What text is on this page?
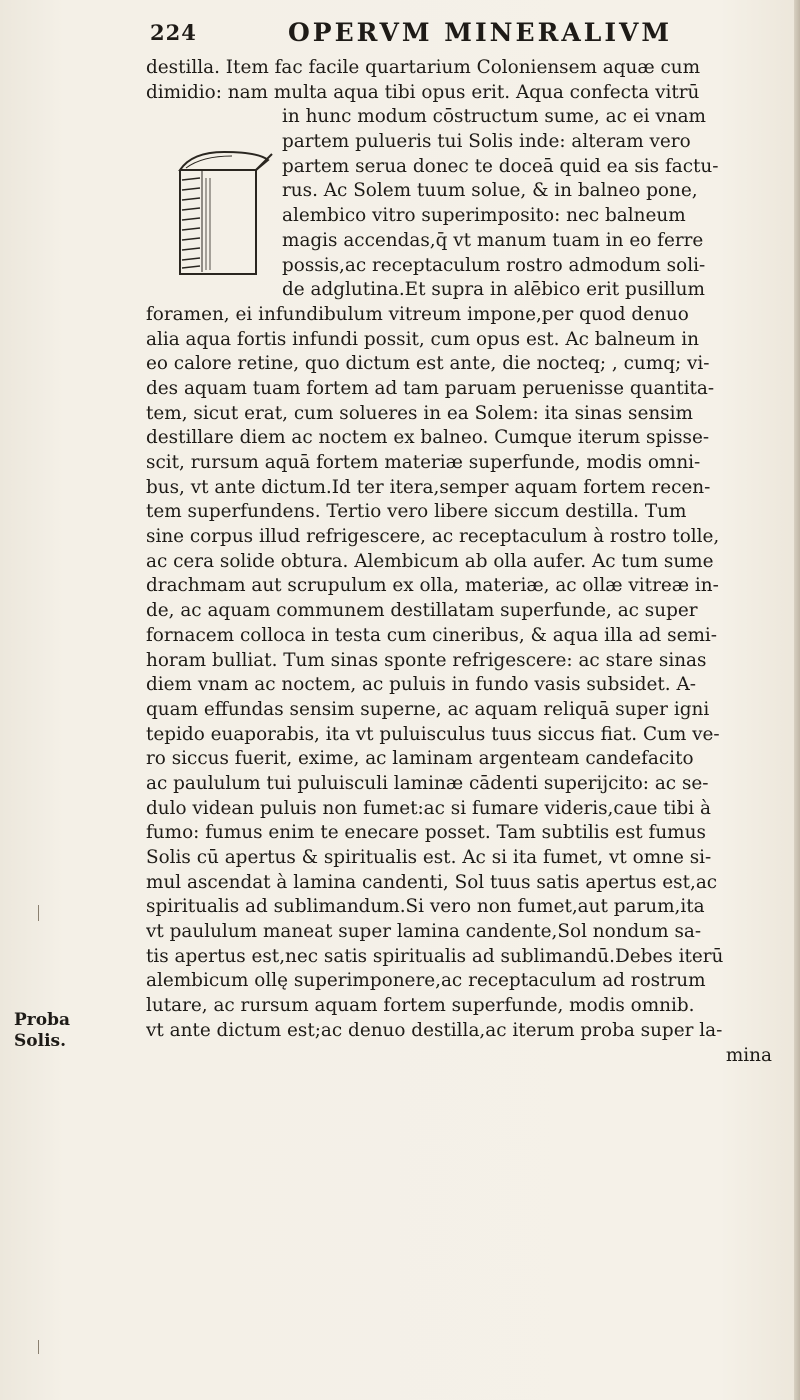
224	OPERVM MINERALIVM
destilla. Item fac facile quartarium Coloniensem aquæ cum
dimidio: nam multa aqua tibi opus erit. Aqua confecta vitrū
in hunc modum cōstructum sume, ac ei vnam
partem pulueris tui Solis inde: alteram vero
partem serua donec te doceā quid ea sis factu-
rus. Ac Solem tuum solue, & in balneo pone,
alembico vitro superimposito: nec balneum
magis accendas,q̄ vt manum tuam in eo ferre
possis,ac receptaculum rostro admodum soli-
de adglutina.Et supra in alēbico erit pusillum
foramen, ei infundibulum vitreum impone,per quod denuo
alia aqua fortis infundi possit, cum opus est. Ac balneum in
eo calore retine, quo dictum est ante, die nocteq; , cumq; vi-
des aquam tuam fortem ad tam paruam peruenisse quantita-
tem, sicut erat, cum solueres in ea Solem: ita sinas sensim
destillare diem ac noctem ex balneo. Cumque iterum spisse-
scit, rursum aquā fortem materiæ superfunde, modis omni-
bus, vt ante dictum.Id ter itera,semper aquam fortem recen-
tem superfundens. Tertio vero libere siccum destilla. Tum
sine corpus illud refrigescere, ac receptaculum à rostro tolle,
ac cera solide obtura. Alembicum ab olla aufer. Ac tum sume
drachmam aut scrupulum ex olla, materiæ, ac ollæ vitreæ in-
de, ac aquam communem destillatam superfunde, ac super
fornacem colloca in testa cum cineribus, & aqua illa ad semi-
horam bulliat. Tum sinas sponte refrigescere: ac stare sinas
diem vnam ac noctem, ac puluis in fundo vasis subsidet. A-
quam effundas sensim superne, ac aquam reliquā super igni
tepido euaporabis, ita vt puluisculus tuus siccus fiat. Cum ve-
ro siccus fuerit, exime, ac laminam argenteam candefacito
ac paululum tui puluisculi laminæ cādenti superijcito: ac se-
dulo videan puluis non fumet:ac si fumare videris,caue tibi à
fumo: fumus enim te enecare posset. Tam subtilis est fumus
Solis cū apertus & spiritualis est. Ac si ita fumet, vt omne si-
mul ascendat à lamina candenti, Sol tuus satis apertus est,ac
spiritualis ad sublimandum.Si vero non fumet,aut parum,ita
vt paululum maneat super lamina candente,Sol nondum sa-
tis apertus est,nec satis spiritualis ad sublimandū.Debes iterū
alembicum ollę superimponere,ac receptaculum ad rostrum
lutare, ac rursum aquam fortem superfunde, modis omnib.
vt ante dictum est;ac denuo destilla,ac iterum proba super la-
mina
Proba
Solis.
